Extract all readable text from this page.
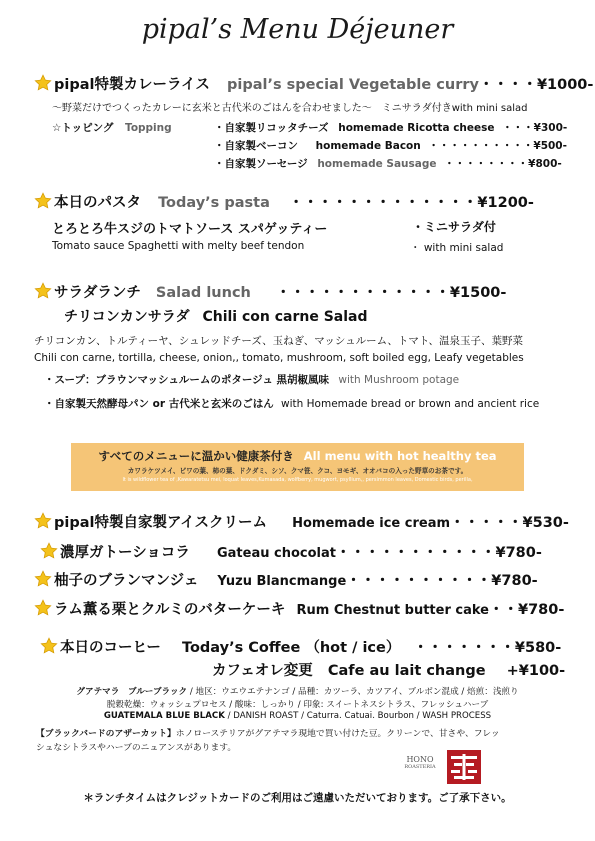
pipal’s Menu Déjeuner
pipal特製カレーライス pipal’s special Vegetable curry・・・・¥1000-
〜野菜だけでつくったカレーに玄米と古代米のごはんを合わせました〜　ミニサラダ付きwith mini salad
☆トッピング Topping	・自家製リコッタチーズ homemade Ricotta cheese ・・・¥300-
・自家製ベーコン homemade Bacon ・・・・・・・・・・¥500-
・自家製ソーセージ homemade Sausage ・・・・・・・・¥800-
本日のパスタ Today’s pasta ・・・・・・・・・・・・・¥1200-
とろとろ牛スジのトマトソース スパゲッティー	・ミニサラダ付
Tomato sauce Spaghetti with melty beef tendon	・ with mini salad
サラダランチ Salad lunch ・・・・・・・・・・・・¥1500-
チリコンカンサラダ Chili con carne Salad
チリコンカン、トルティーヤ、シュレッドチーズ、玉ねぎ、マッシュルーム、トマト、温泉玉子、葉野菜
Chili con carne, tortilla, cheese, onion,, tomato, mushroom, soft boiled egg, Leafy vegetables
・スープ：ブラウンマッシュルームのポタージュ 黒胡椒風味 with Mushroom potage
・自家製天然酵母パン or 古代米と玄米のごはん with Homemade bread or brown and ancient rice
すべてのメニューに温かい健康茶付き All menu with hot healthy tea
カワラケツメイ、ビワの葉、柿の葉、ドクダミ、シソ、クマ笹、クコ、ヨモギ、オオバコの入った野草のお茶です。
It is wildflower tea of ,Kawaratetsu mei, loquat leaves,Kumasada, wolfberry, mugwort, psyllium,, persimmon leaves, Domestic birds, perilla,
pipal特製自家製アイスクリーム Homemade ice cream・・・・・¥530-
濃厚ガトーショコラ Gateau chocolat・・・・・・・・・・・¥780-
柚子のブランマンジェ Yuzu Blancmange・・・・・・・・・・¥780-
ラム薫る栗とクルミのバターケーキ Rum Chestnut butter cake・・¥780-
本日のコーヒー Today’s Coffee （hot / ice） ・・・・・・・¥580-
カフェオレ変更 Cafe au lait change +¥100-
グアテマラ　ブルーブラック / 地区：ウエウエテナンゴ / 品種：カツーラ、カツアイ、ブルボン混成 / 焙煎：浅煎り
脱穀乾燥：ウォッシュプロセス / 酸味：しっかり / 印象: スイートネスシトラス、フレッシュハーブ
GUATEMALA BLUE BLACK / DANISH ROAST / Caturra. Catuai. Bourbon / WASH PROCESS
【ブラックバードのアザーカット】ホノローステリアがグアテマラ現地で買い付けた豆。クリーンで、甘さや、フレッ
シュなシトラスやハーブのニュアンスがあります。
HONO
ROASTERIA
＊ランチタイムはクレジットカードのご利用はご遠慮いただいております。ご了承下さい。
